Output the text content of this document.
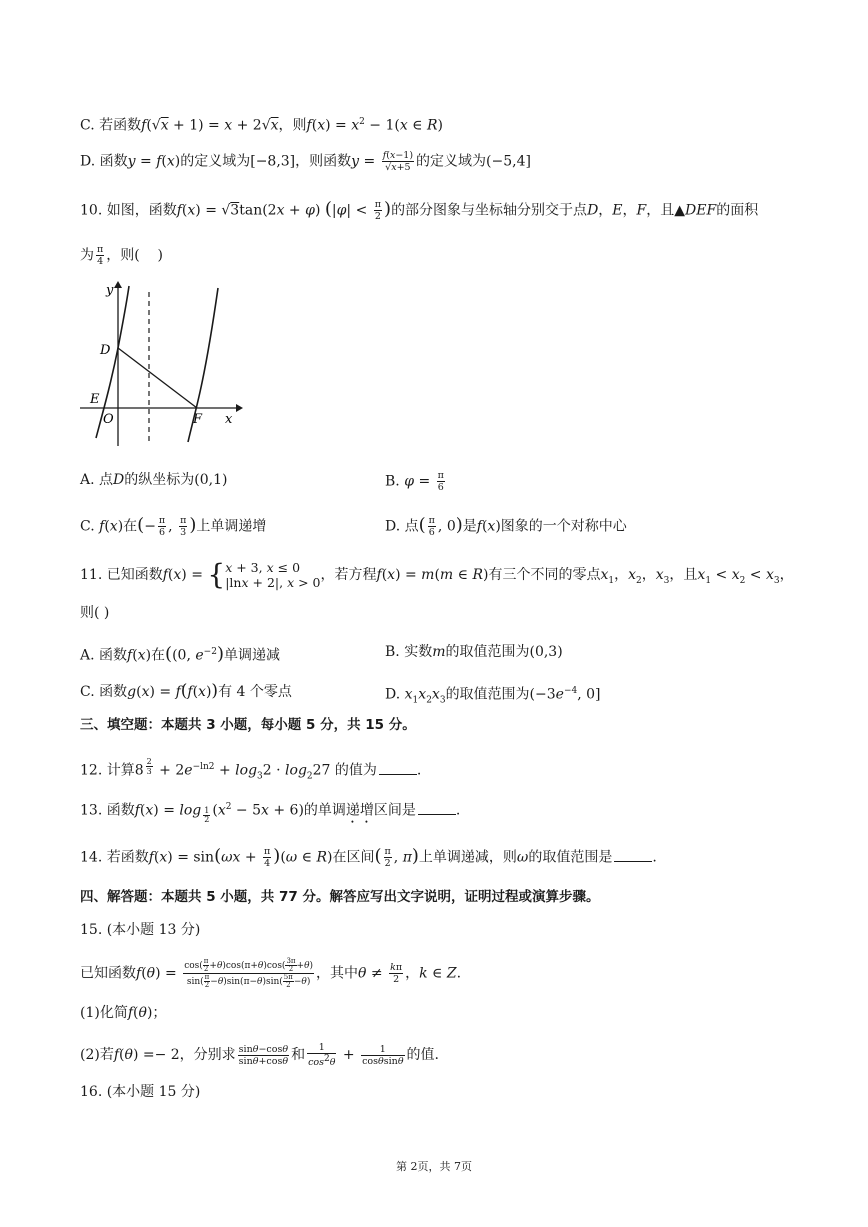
C. 若函数f(√x + 1) = x + 2√x，则$f(x) = x^2 - 1(x$ ∈ R)
D. 函数y = f(x)的定义域为[−8,3]，则函数$y = \frac{f(x-1)}{√x+5}$ 的定义域为(−5,4]
10. 如图，函数f(x) = √3tan(2x + φ) ($|\varphi| < \frac{\pi}{2}$ )的部分图象与坐标轴分别交于点D，E，F，且▲DEF的面积
为 $\frac{\pi}{4}$ ，则(    )
y
D
E
O	F x
A. 点D的纵坐标为(0,1)	B. $\varphi = \frac{\pi}{6}$
C. f(x)在(− $\frac{\pi}{6}$ , $\frac{\pi}{3}$ )上单调递增	D. 点( $\frac{\pi}{6}$ , 0)是f(x)图象的一个对称中心
11. 已知函数f(x) = { x + 3, x ≤ 0
|lnx + 2|, x > 0 ，若方程f(x) = m(m ∈ R)有三个不同的零点$x_1$，$x_2$，$x_3$，且$x_1 < x_2 < x_3$，
则( )
A. 函数f(x)在((0, $e^{-2}$)单调递减	B. 实数m的取值范围为(0,3)
C. 函数g(x) = f(f(x))有 4 个零点	D. $x_1x_2x_3$的取值范围为($-3e^{-4}$, 0]
三、填空题：本题共 3 小题，每小题 5 分，共 15 分。
12. 计算8 $^{\frac{2}{3}} + 2e^{-ln2} + \log_32 \cdot \log_227$ 的值为	.
13. 函数f(x) = log $_{\frac{1}{2}}$ $(x^2 - 5x + 6)$的单调递增区间是	.
14. 若函数$f(x) = \sin(\omega x + \frac{\pi}{4} )(\omega$ ∈ R)在区间( $\frac{\pi}{2}$ , π)上单调递减，则ω的取值范围是	.
四、解答题：本题共 5 小题，共 77 分。解答应写出文字说明，证明过程或演算步骤。
15. (本小题 13 分)
已知函数$f(\theta) = \frac{\cos( \frac{\pi}{2} +\theta)\cos(\pi+\theta)\cos( \frac{3\pi}{2} +\theta)}{\sin( \frac{\pi}{2} -\theta)\sin(\pi-\theta)\sin( \frac{5\pi}{2} -\theta)}$ ，其中$\theta \ne \frac{k\pi}{2}$ ，k ∈ Z.
(1)化简f(θ)；
(2)若f(θ) =− 2，分别求 $\frac{\sin\theta-\cos\theta}{\sin\theta+\cos\theta}$ 和 $\frac{1}{\cos^2\theta} + \frac{1}{\cos\theta\sin\theta}$ 的值.
16. (本小题 15 分)
第 2页，共 7页
